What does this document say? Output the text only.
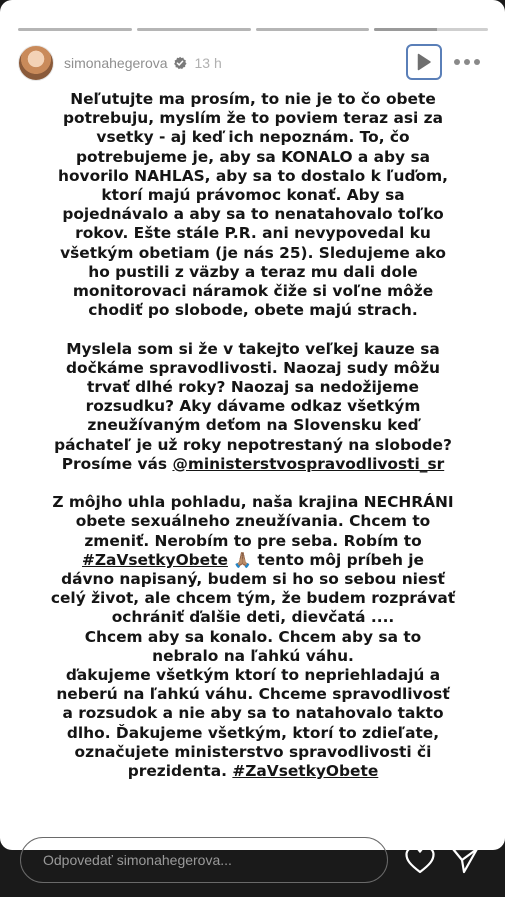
simonahegerova 13 h
Neľutujte ma prosím, to nie je to čo obete
potrebuju, myslím že to poviem teraz asi za
vsetky - aj keď ich nepoznám. To, čo
potrebujeme je, aby sa KONALO a aby sa
hovorilo NAHLAS, aby sa to dostalo k ľuďom,
ktorí majú právomoc konať. Aby sa
pojednávalo a aby sa to nenatahovalo toľko
rokov. Ešte stále P.R. ani nevypovedal ku
všetkým obetiam (je nás 25). Sledujeme ako
ho pustili z väzby a teraz mu dali dole
monitorovaci náramok čiže si voľne môže
chodiť po slobode, obete majú strach.
Myslela som si že v takejto veľkej kauze sa
dočkáme spravodlivosti. Naozaj sudy môžu
trvať dlhé roky? Naozaj sa nedožijeme
rozsudku? Aky dávame odkaz všetkým
zneužívaným deťom na Slovensku keď
páchateľ je už roky nepotrestaný na slobode?
Prosíme vás @ministerstvospravodlivosti_sr
Z môjho uhla pohladu, naša krajina NECHRÁNI
obete sexuálneho zneužívania. Chcem to
zmeniť. Nerobím to pre seba. Robím to
#ZaVsetkyObete 🙏🏽 tento môj príbeh je
dávno napisaný, budem si ho so sebou niesť
celý život, ale chcem tým, že budem rozprávať
ochrániť ďalšie deti, dievčatá ....
Chcem aby sa konalo. Chcem aby sa to
nebralo na ľahkú váhu.
ďakujeme všetkým ktorí to nepriehladajú a
neberú na ľahkú váhu. Chceme spravodlivosť
a rozsudok a nie aby sa to natahovalo takto
dlho. Ďakujeme všetkým, ktorí to zdieľate,
označujete ministerstvo spravodlivosti či
prezidenta. #ZaVsetkyObete
Odpovedať simonahegerova...
